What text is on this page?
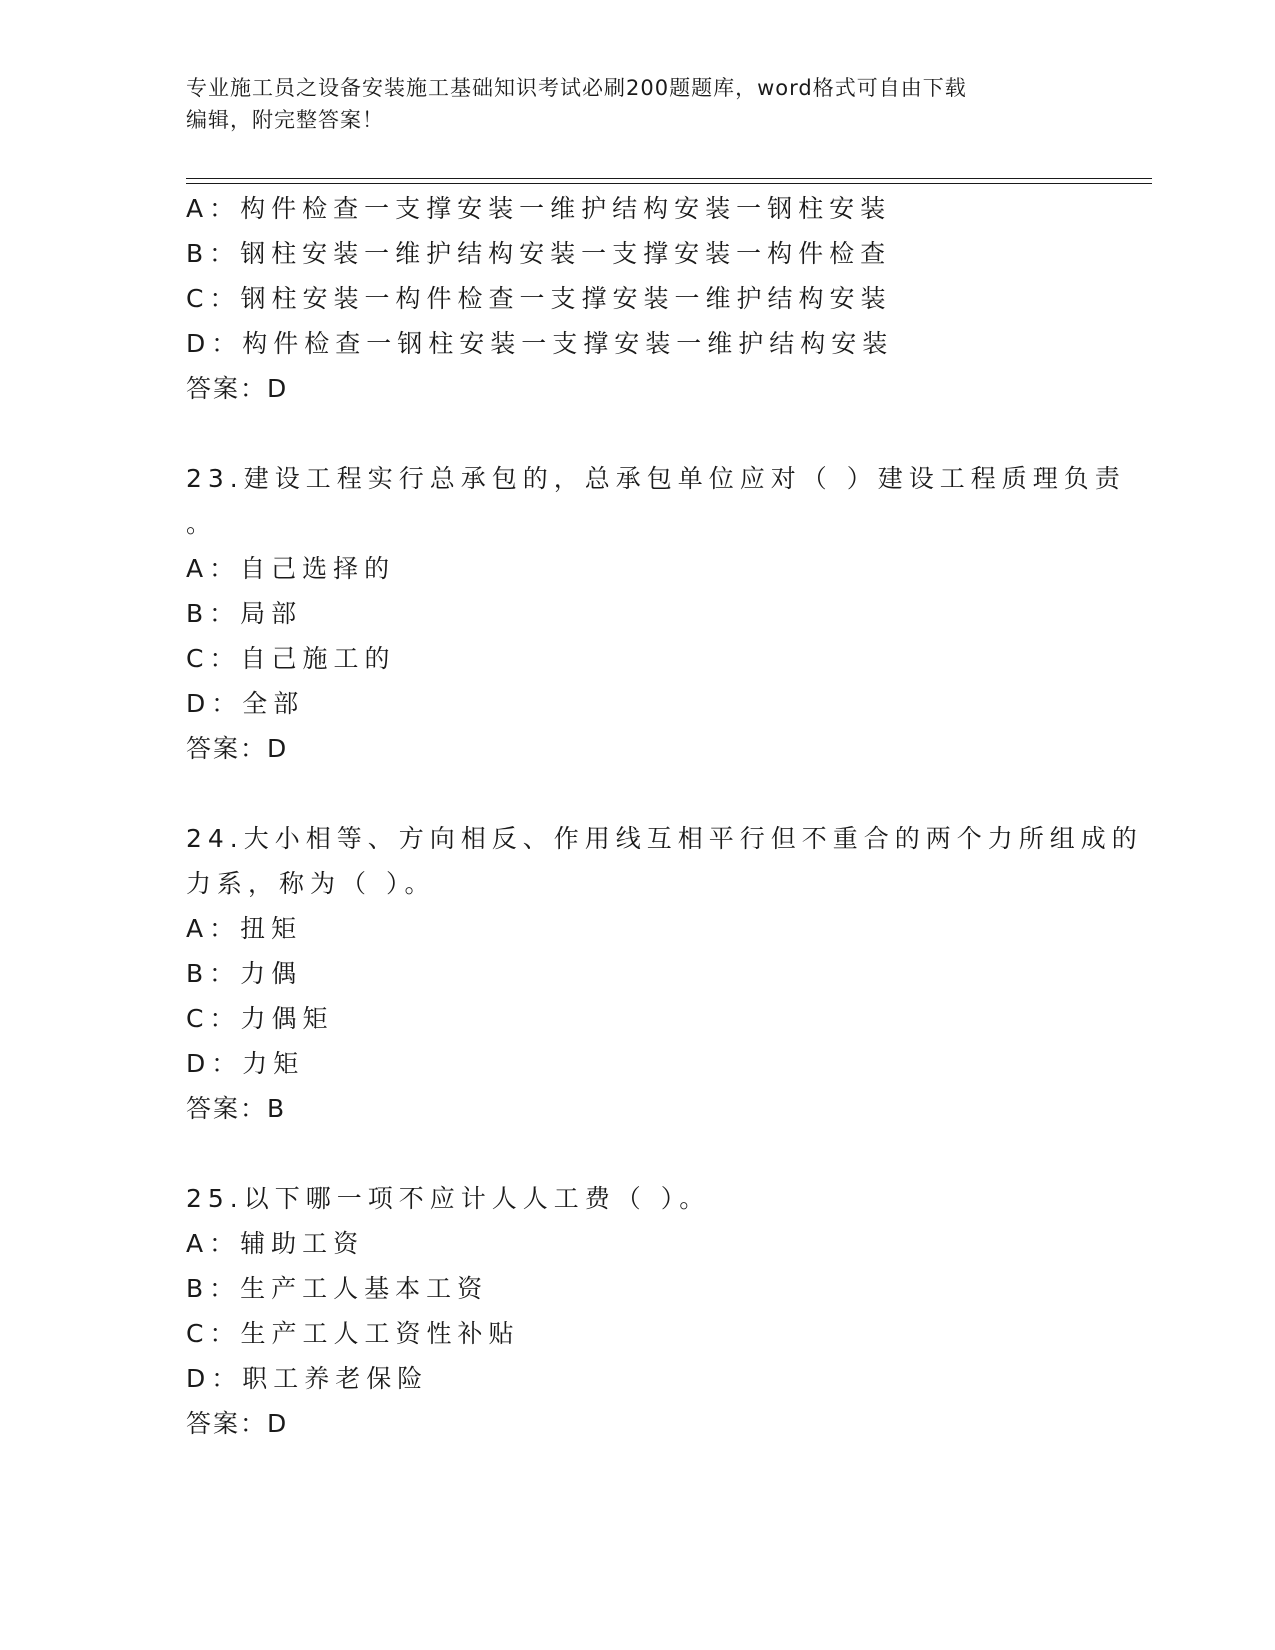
专业施工员之设备安装施工基础知识考试必刷200题题库，word格式可自由下载
编辑，附完整答案！
A：构件检查一支撑安装一维护结构安装一钢柱安装
B：钢柱安装一维护结构安装一支撑安装一构件检查
C：钢柱安装一构件检查一支撑安装一维护结构安装
D：构件检查一钢柱安装一支撑安装一维护结构安装
答案：D
23.建设工程实行总承包的，总承包单位应对（ ）建设工程质理负责
。
A：自己选择的
B：局部
C：自己施工的
D：全部
答案：D
24.大小相等、方向相反、作用线互相平行但不重合的两个力所组成的
力系，称为（ ）。
A：扭矩
B：力偶
C：力偶矩
D：力矩
答案：B
25.以下哪一项不应计人人工费（ ）。
A：辅助工资
B：生产工人基本工资
C：生产工人工资性补贴
D：职工养老保险
答案：D
